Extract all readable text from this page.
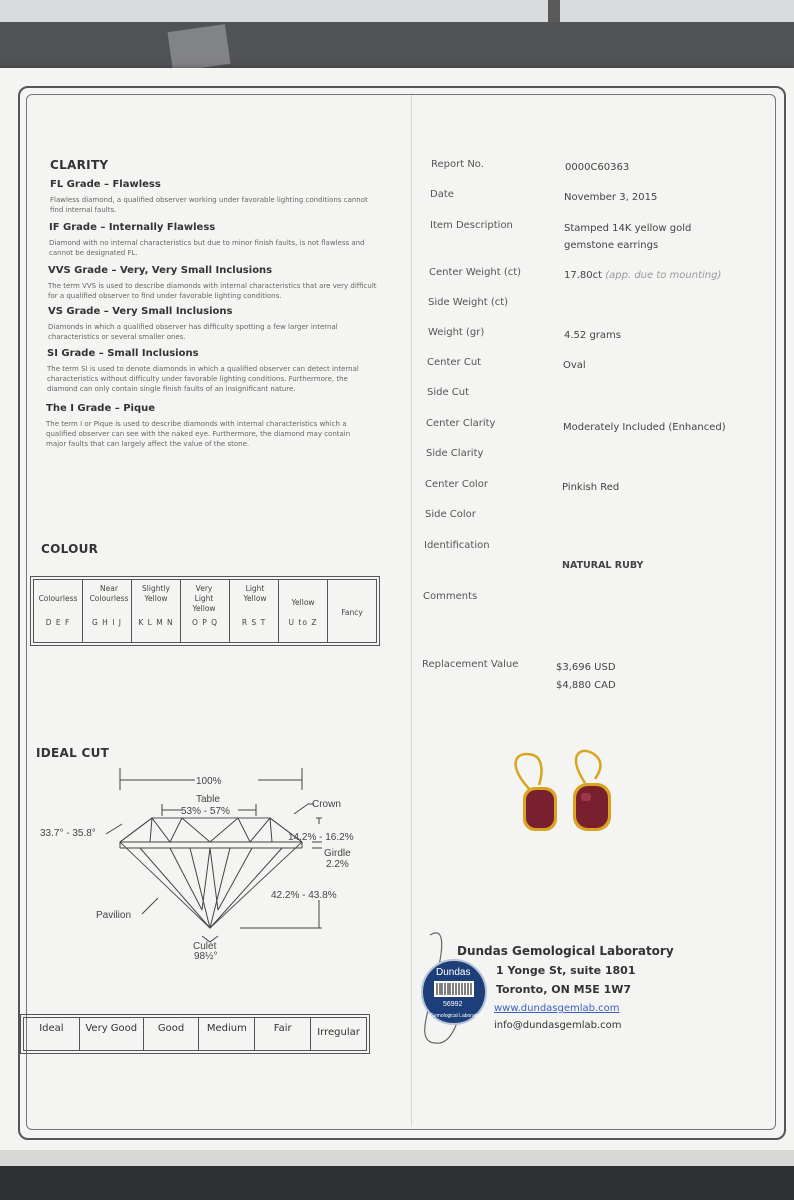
CLARITY
FL Grade – Flawless
Flawless diamond, a qualified observer working under favorable lighting conditions cannot find internal faults.
IF Grade – Internally Flawless
Diamond with no internal characteristics but due to minor finish faults, is not flawless and cannot be designated FL.
VVS Grade – Very, Very Small Inclusions
The term VVS is used to describe diamonds with internal characteristics that are very difficult for a qualified observer to find under favorable lighting conditions.
VS Grade – Very Small Inclusions
Diamonds in which a qualified observer has difficulty spotting a few larger internal characteristics or several smaller ones.
SI Grade – Small Inclusions
The term SI is used to denote diamonds in which a qualified observer can detect internal characteristics without difficulty under favorable lighting conditions. Furthermore, the diamond can only contain single finish faults of an insignificant nature.
The I Grade – Pique
The term I or Pique is used to describe diamonds with internal characteristics which a qualified observer can see with the naked eye. Furthermore, the diamond may contain major faults that can largely affect the value of the stone.
COLOUR
Colourless
D E F
Near Colourless
G H I J
Slightly Yellow
K L M N
Very Light Yellow
O P Q
Light Yellow
R S T
Yellow
U to Z
Fancy
IDEAL CUT
100%
Table
53% - 57%
Crown
33.7° - 35.8°	14.2% - 16.2%
Girdle
2.2%
42.2% - 43.8%
Pavilion
Culet
98½°
Ideal	Very Good	Good	Medium	Fair	Irregular
Report No.	0000C60363
Date	November 3, 2015
Item Description	Stamped 14K yellow gold
gemstone earrings
Center Weight (ct)	17.80ct (app. due to mounting)
Side Weight (ct)
Weight (gr)	4.52 grams
Center Cut	Oval
Side Cut
Center Clarity	Moderately Included (Enhanced)
Side Clarity
Center Color	Pinkish Red
Side Color
Identification
NATURAL RUBY
Comments
Replacement Value	$3,696 USD
$4,880 CAD
Dundas
56992
Gemological Laboratory
Dundas Gemological Laboratory
1 Yonge St, suite 1801
Toronto, ON M5E 1W7
www.dundasgemlab.com
info@dundasgemlab.com
